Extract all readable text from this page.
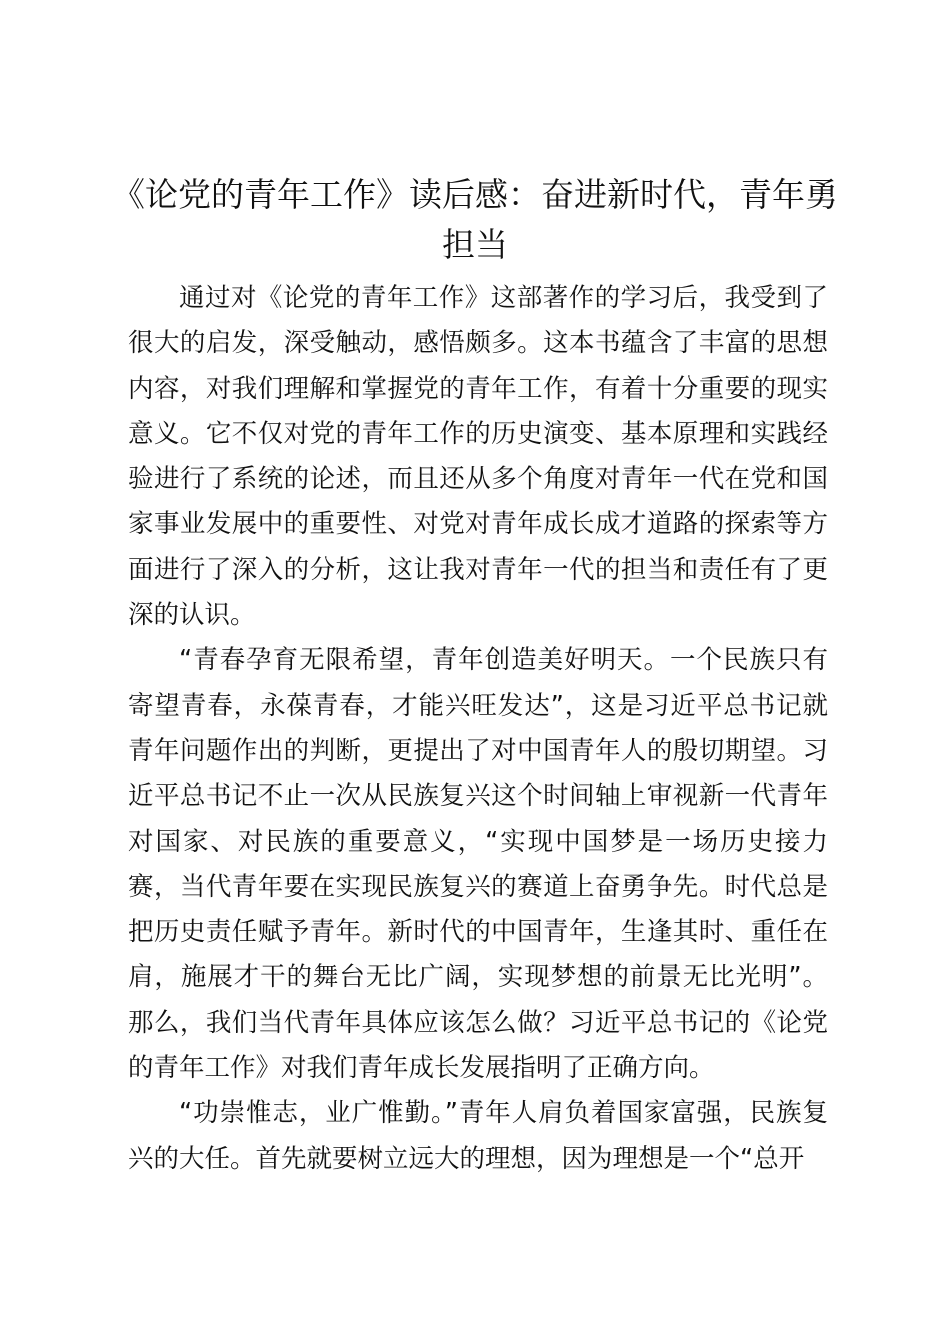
《论党的青年工作》读后感：奋进新时代，青年勇担当

通过对《论党的青年工作》这部著作的学习后，我受到了很大的启发，深受触动，感悟颇多。这本书蕴含了丰富的思想内容，对我们理解和掌握党的青年工作，有着十分重要的现实意义。它不仅对党的青年工作的历史演变、基本原理和实践经验进行了系统的论述，而且还从多个角度对青年一代在党和国家事业发展中的重要性、对党对青年成长成才道路的探索等方面进行了深入的分析，这让我对青年一代的担当和责任有了更深的认识。

“青春孕育无限希望，青年创造美好明天。一个民族只有寄望青春，永葆青春，才能兴旺发达”，这是习近平总书记就青年问题作出的判断，更提出了对中国青年人的殷切期望。习近平总书记不止一次从民族复兴这个时间轴上审视新一代青年对国家、对民族的重要意义，“实现中国梦是一场历史接力赛，当代青年要在实现民族复兴的赛道上奋勇争先。时代总是把历史责任赋予青年。新时代的中国青年，生逢其时、重任在肩，施展才干的舞台无比广阔，实现梦想的前景无比光明”。那么，我们当代青年具体应该怎么做？习近平总书记的《论党的青年工作》对我们青年成长发展指明了正确方向。

“功崇惟志，业广惟勤。”青年人肩负着国家富强，民族复兴的大任。首先就要树立远大的理想，因为理想是一个“总开
